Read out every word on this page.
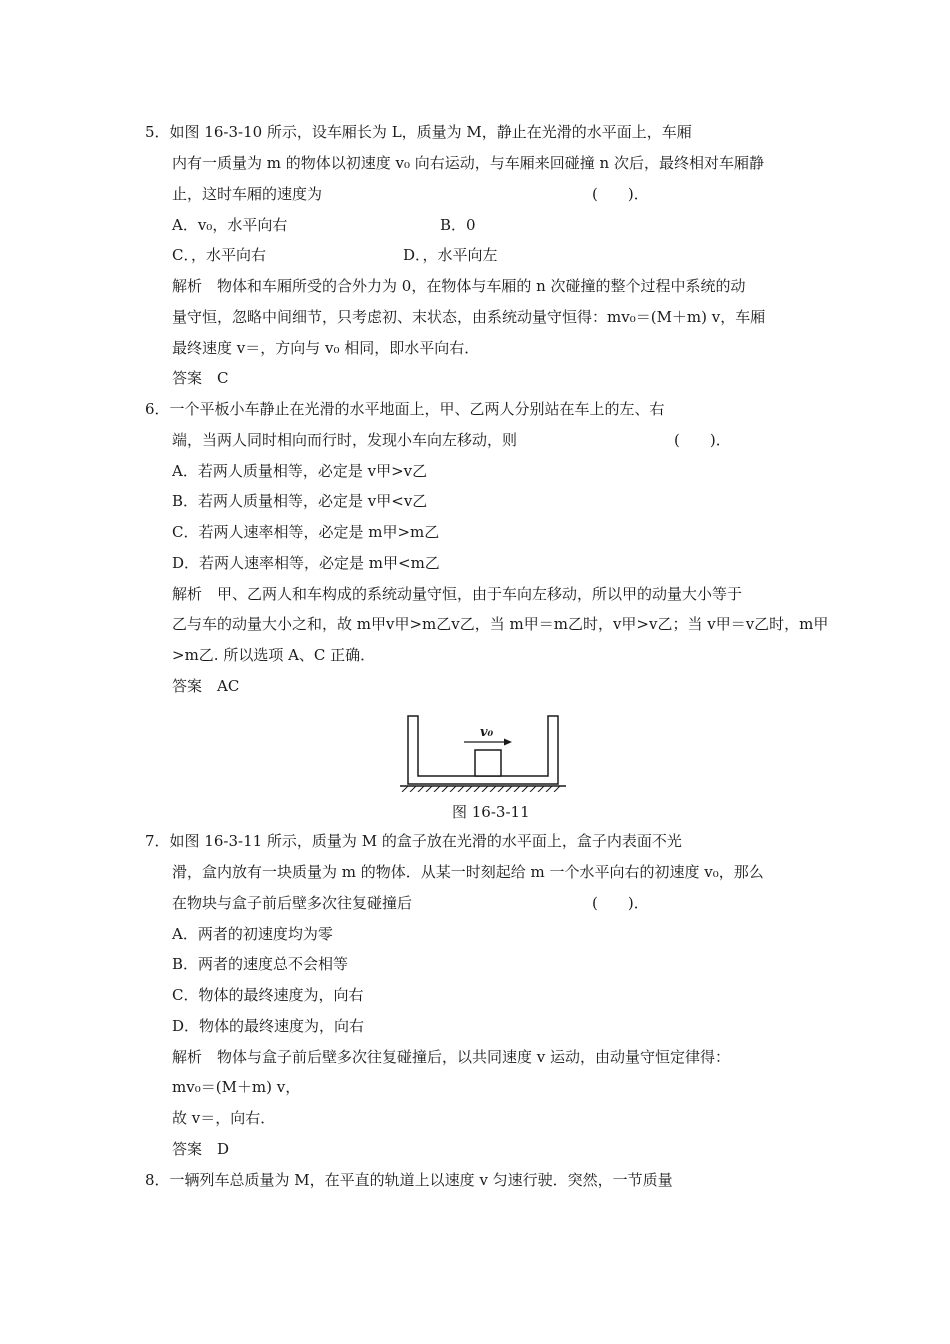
5．如图 16-3-10 所示，设车厢长为 L，质量为 M，静止在光滑的水平面上，车厢
内有一质量为 m 的物体以初速度 v₀ 向右运动，与车厢来回碰撞 n 次后，最终相对车厢静
止，这时车厢的速度为	(　　)．
A．v₀，水平向右	B．0
C．，水平向右	D．，水平向左
解析　物体和车厢所受的合外力为 0，在物体与车厢的 n 次碰撞的整个过程中系统的动
量守恒，忽略中间细节，只考虑初、末状态，由系统动量守恒得：mv₀＝(M＋m) v，车厢
最终速度 v＝，方向与 v₀ 相同，即水平向右．
答案　C
6．一个平板小车静止在光滑的水平地面上，甲、乙两人分别站在车上的左、右
端，当两人同时相向而行时，发现小车向左移动，则	(　　)．
A．若两人质量相等，必定是 v甲>v乙
B．若两人质量相等，必定是 v甲<v乙
C．若两人速率相等，必定是 m甲>m乙
D．若两人速率相等，必定是 m甲<m乙
解析　甲、乙两人和车构成的系统动量守恒，由于车向左移动，所以甲的动量大小等于
乙与车的动量大小之和，故 m甲v甲>m乙v乙，当 m甲＝m乙时，v甲>v乙；当 v甲＝v乙时，m甲
>m乙. 所以选项 A、C 正确．
答案　AC
v₀
图 16-3-11
7．如图 16-3-11 所示，质量为 M 的盒子放在光滑的水平面上，盒子内表面不光
滑，盒内放有一块质量为 m 的物体．从某一时刻起给 m 一个水平向右的初速度 v₀，那么
在物块与盒子前后壁多次往复碰撞后	(　　)．
A．两者的初速度均为零
B．两者的速度总不会相等
C．物体的最终速度为，向右
D．物体的最终速度为，向右
解析　物体与盒子前后壁多次往复碰撞后，以共同速度 v 运动，由动量守恒定律得：
mv₀＝(M＋m) v，
故 v＝，向右．
答案　D
8．一辆列车总质量为 M，在平直的轨道上以速度 v 匀速行驶．突然，一节质量
